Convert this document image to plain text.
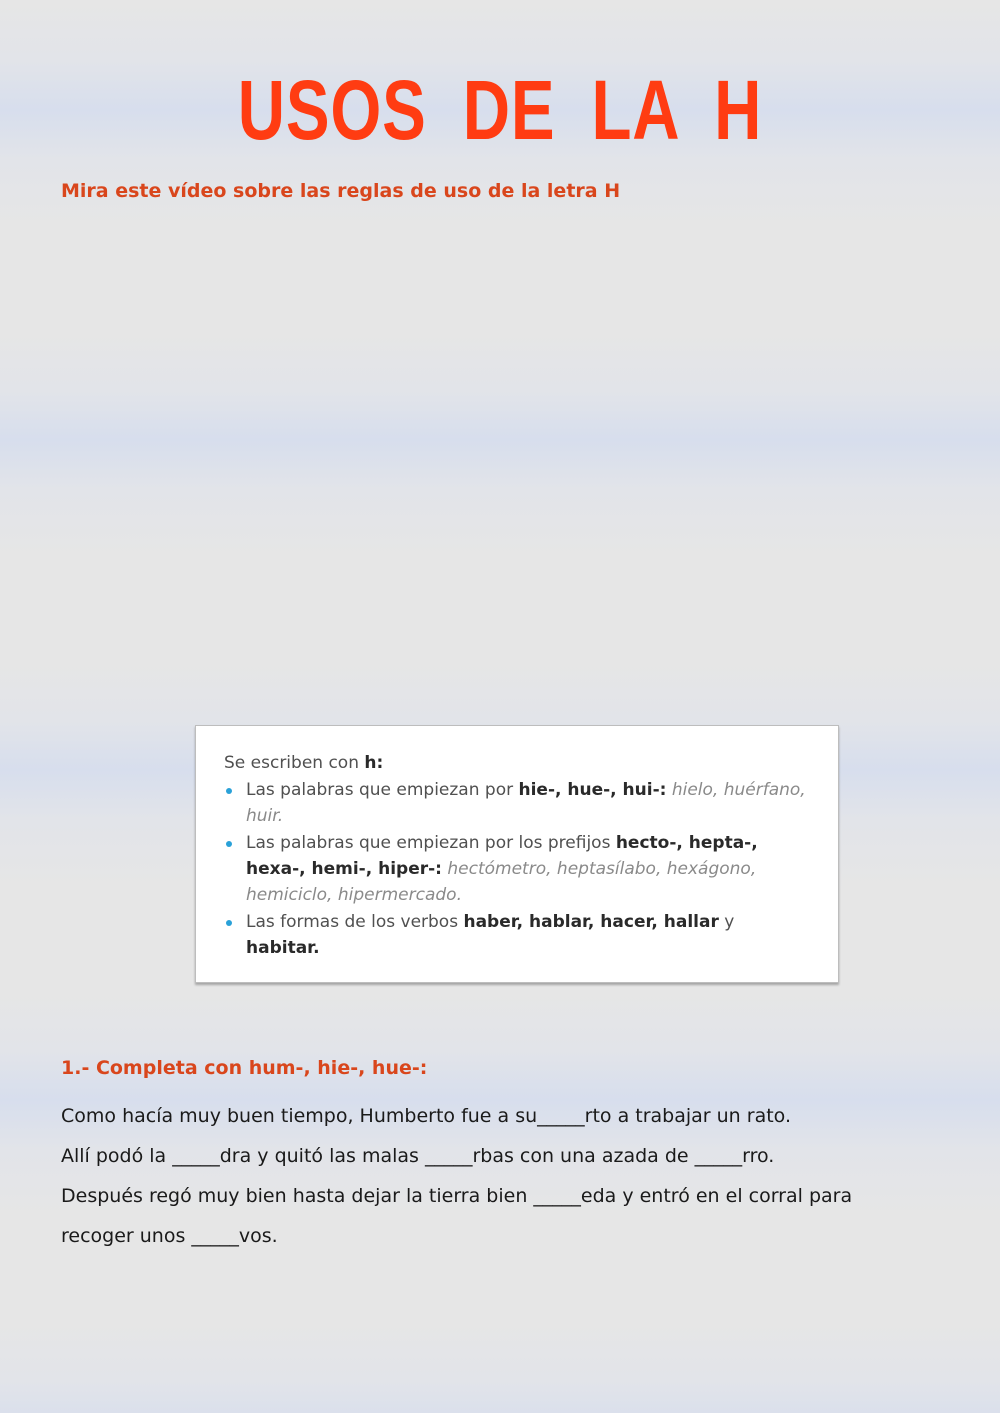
USOS DE LA H
Mira este vídeo sobre las reglas de uso de la letra H
Se escriben con h:
Las palabras que empiezan por hie-, hue-, hui-: hielo, huérfano, huir.
Las palabras que empiezan por los prefijos hecto-, hepta-, hexa-, hemi-, hiper-: hectómetro, heptasílabo, hexágono, hemiciclo, hipermercado.
Las formas de los verbos haber, hablar, hacer, hallar y habitar.
1.- Completa con hum-, hie-, hue-:

Como hacía muy buen tiempo, Humberto fue a su_____rto a trabajar un rato.

Allí podó la _____dra y quitó las malas _____rbas con una azada de _____rro.

Después regó muy bien hasta dejar la tierra bien _____eda y entró en el corral para

recoger unos _____vos.
